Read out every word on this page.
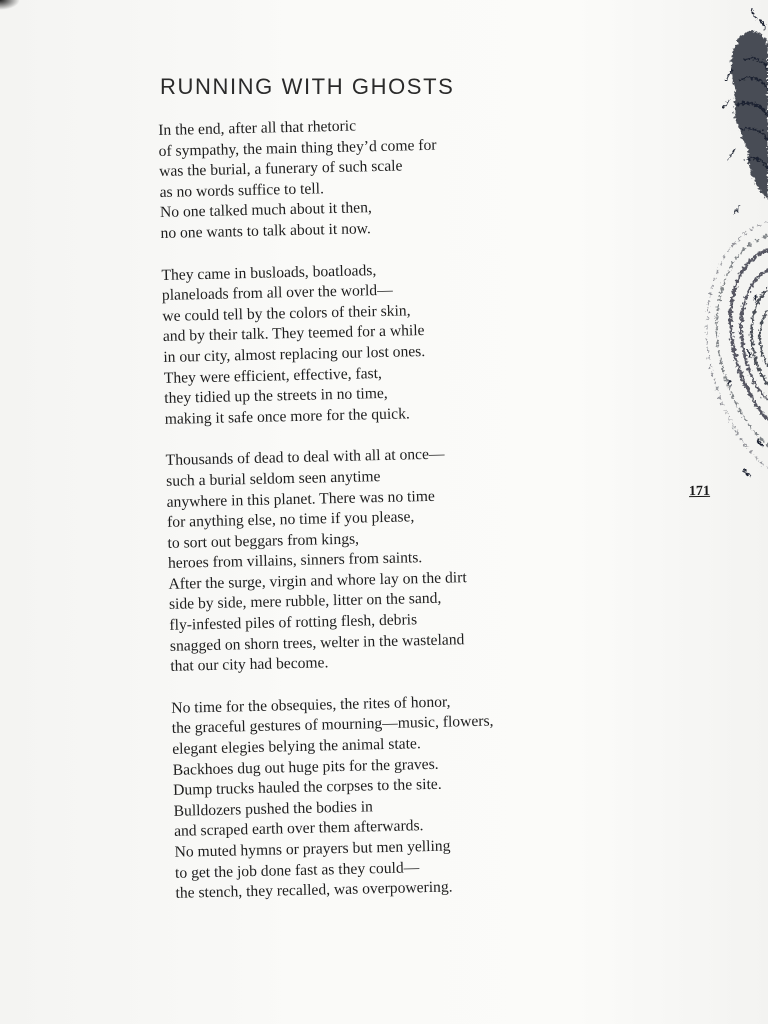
RUNNING WITH GHOSTS
In the end, after all that rhetoric
of sympathy, the main thing they’d come for
was the burial, a funerary of such scale
as no words suffice to tell.
No one talked much about it then,
no one wants to talk about it now.
They came in busloads, boatloads,
planeloads from all over the world—
we could tell by the colors of their skin,
and by their talk. They teemed for a while
in our city, almost replacing our lost ones.
They were efficient, effective, fast,
they tidied up the streets in no time,
making it safe once more for the quick.
Thousands of dead to deal with all at once—
such a burial seldom seen anytime
anywhere in this planet. There was no time
for anything else, no time if you please,
to sort out beggars from kings,
heroes from villains, sinners from saints.
After the surge, virgin and whore lay on the dirt
side by side, mere rubble, litter on the sand,
fly-infested piles of rotting flesh, debris
snagged on shorn trees, welter in the wasteland
that our city had become.
No time for the obsequies, the rites of honor,
the graceful gestures of mourning—music, flowers,
elegant elegies belying the animal state.
Backhoes dug out huge pits for the graves.
Dump trucks hauled the corpses to the site.
Bulldozers pushed the bodies in
and scraped earth over them afterwards.
No muted hymns or prayers but men yelling
to get the job done fast as they could—
the stench, they recalled, was overpowering.
171
